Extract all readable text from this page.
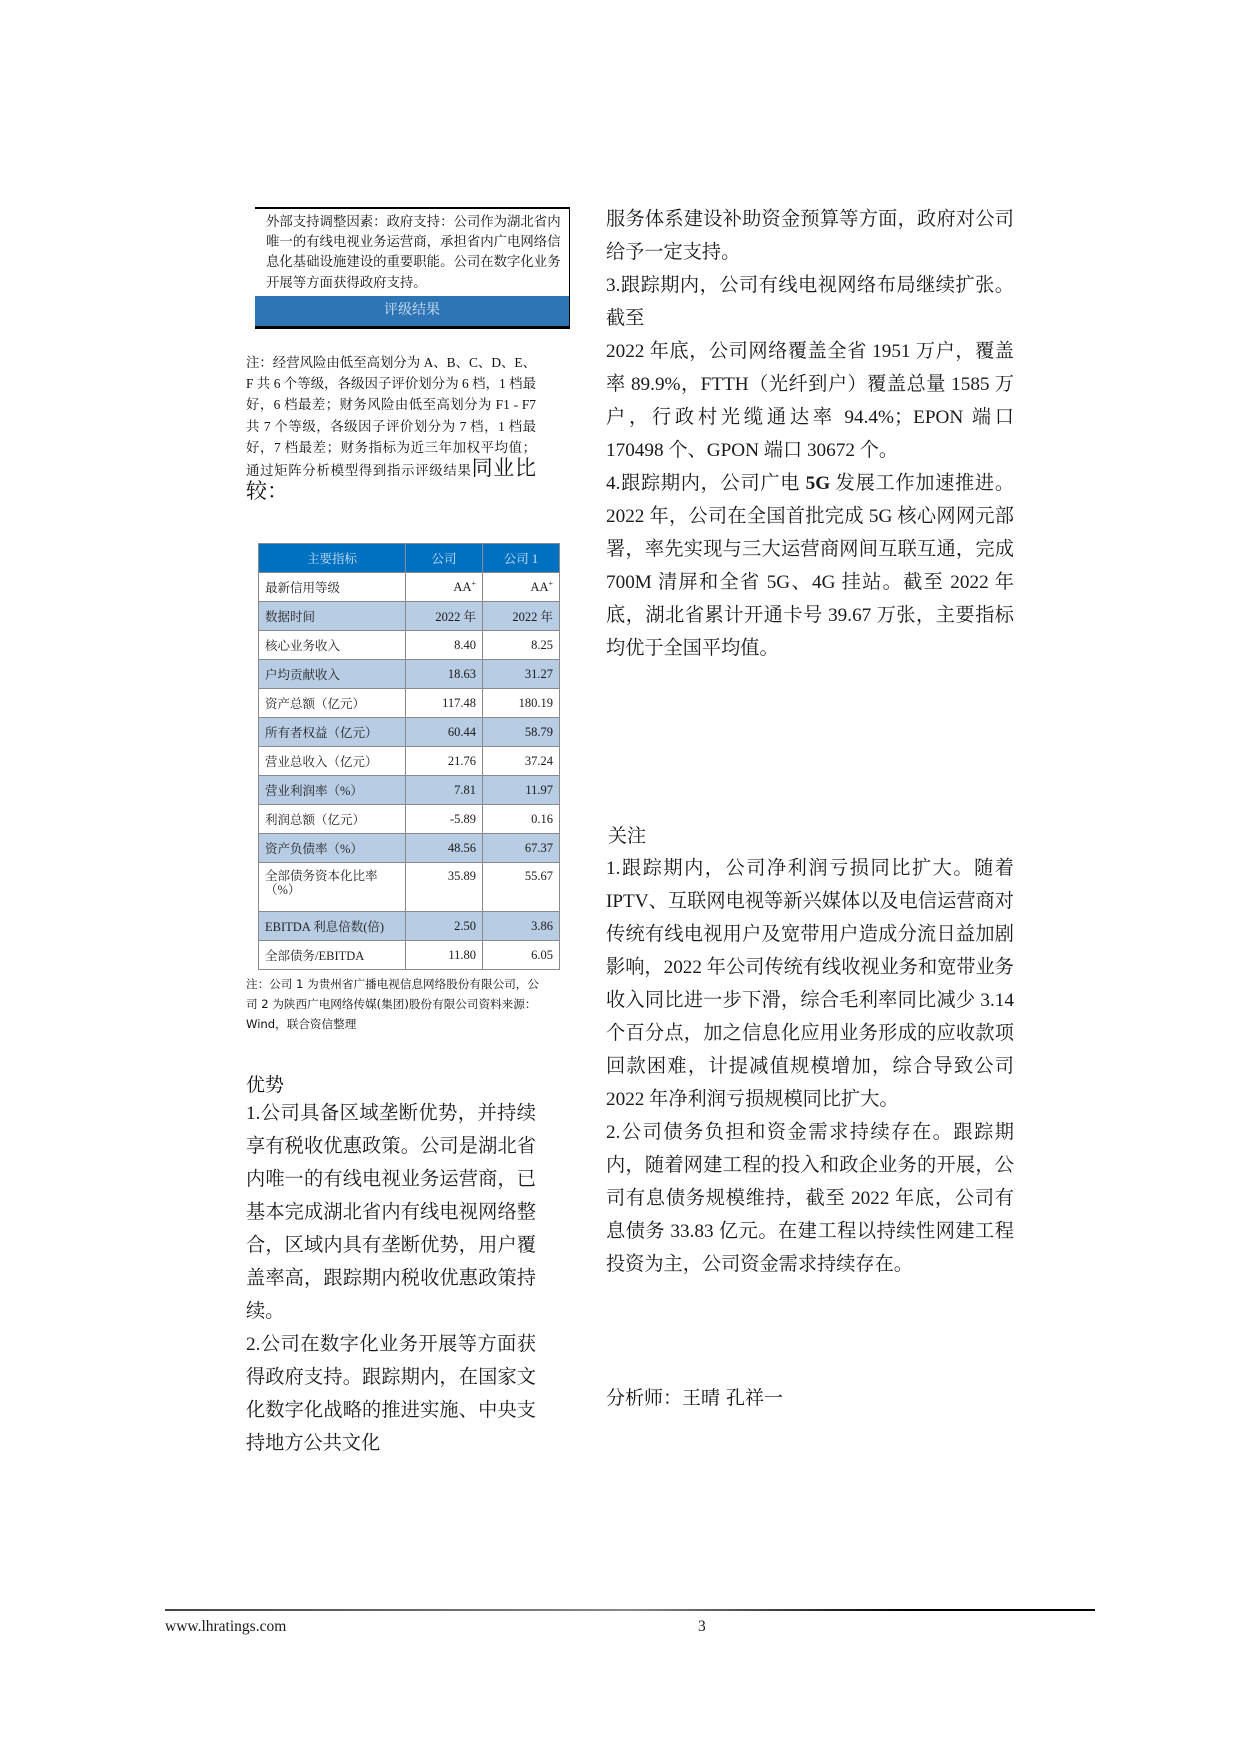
外部支持调整因素：政府支持：公司作为湖北省内唯一的有线电视业务运营商，承担省内广电网络信息化基础设施建设的重要职能。公司在数字化业务开展等方面获得政府支持。
评级结果
注：经营风险由低至高划分为 A、B、C、D、E、F 共 6 个等级，各级因子评价划分为 6 档，1 档最好，6 档最差；财务风险由低至高划分为 F1 - F7 共 7 个等级，各级因子评价划分为 7 档，1 档最好，7 档最差；财务指标为近三年加权平均值；通过矩阵分析模型得到指示评级结果同业比较：
主要指标	公司	公司 1
最新信用等级	AA+	AA+
数据时间	2022 年	2022 年
核心业务收入	8.40	8.25
户均贡献收入	18.63	31.27
资产总额（亿元）	117.48	180.19
所有者权益（亿元）	60.44	58.79
营业总收入（亿元）	21.76	37.24
营业利润率（%）	7.81	11.97
利润总额（亿元）	-5.89	0.16
资产负债率（%）	48.56	67.37
全部债务资本化比率（%）	35.89	55.67
EBITDA 利息倍数(倍)	2.50	3.86
全部债务/EBITDA	11.80	6.05
注：公司 1 为贵州省广播电视信息网络股份有限公司，公司 2 为陕西广电网络传媒(集团)股份有限公司资料来源：Wind，联合资信整理
优势

1.公司具备区域垄断优势，并持续享有税收优惠政策。公司是湖北省内唯一的有线电视业务运营商，已基本完成湖北省内有线电视网络整合，区域内具有垄断优势，用户覆盖率高，跟踪期内税收优惠政策持续。

2.公司在数字化业务开展等方面获得政府支持。跟踪期内，在国家文化数字化战略的推进实施、中央支持地方公共文化

服务体系建设补助资金预算等方面，政府对公司给予一定支持。

3.跟踪期内，公司有线电视网络布局继续扩张。截至

2022 年底，公司网络覆盖全省 1951 万户，覆盖率 89.9%，FTTH（光纤到户）覆盖总量 1585 万户，行政村光缆通达率 94.4%；EPON 端口 170498 个、GPON 端口 30672 个。

4.跟踪期内，公司广电 5G 发展工作加速推进。2022 年，公司在全国首批完成 5G 核心网网元部署，率先实现与三大运营商网间互联互通，完成 700M 清屏和全省 5G、4G 挂站。截至 2022 年底，湖北省累计开通卡号 39.67 万张，主要指标均优于全国平均值。

关注

1.跟踪期内，公司净利润亏损同比扩大。随着 IPTV、互联网电视等新兴媒体以及电信运营商对传统有线电视用户及宽带用户造成分流日益加剧影响，2022 年公司传统有线收视业务和宽带业务收入同比进一步下滑，综合毛利率同比减少 3.14 个百分点，加之信息化应用业务形成的应收款项回款困难，计提减值规模增加，综合导致公司 2022 年净利润亏损规模同比扩大。

2.公司债务负担和资金需求持续存在。跟踪期内，随着网建工程的投入和政企业务的开展，公司有息债务规模维持，截至 2022 年底，公司有息债务 33.83 亿元。在建工程以持续性网建工程投资为主，公司资金需求持续存在。

分析师：王晴 孔祥一
www.lhratings.com	3
